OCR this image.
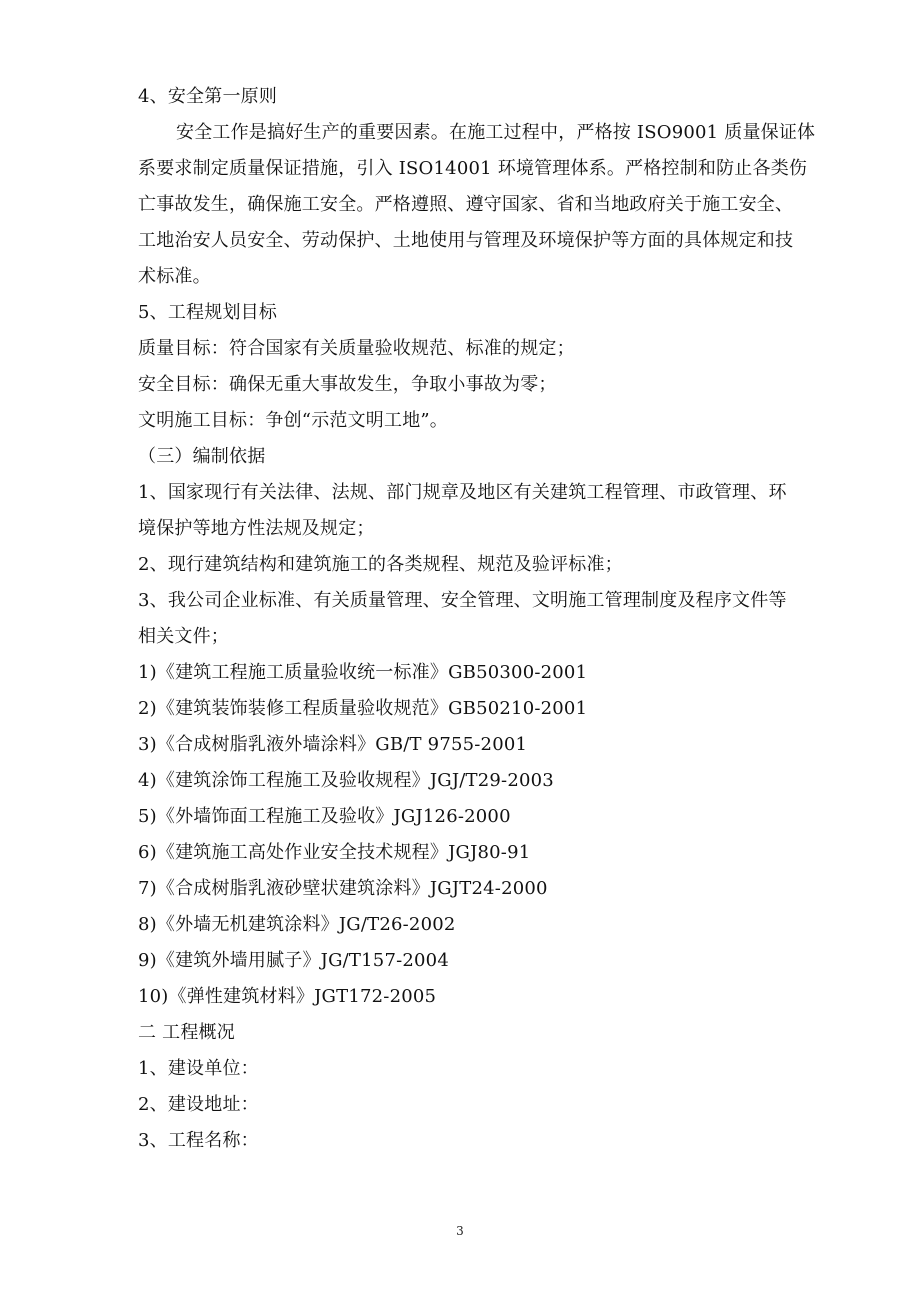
4、安全第一原则
安全工作是搞好生产的重要因素。在施工过程中，严格按 ISO9001 质量保证体
系要求制定质量保证措施，引入 ISO14001 环境管理体系。严格控制和防止各类伤
亡事故发生，确保施工安全。严格遵照、遵守国家、省和当地政府关于施工安全、
工地治安人员安全、劳动保护、土地使用与管理及环境保护等方面的具体规定和技
术标准。
5、工程规划目标
质量目标：符合国家有关质量验收规范、标准的规定；
安全目标：确保无重大事故发生，争取小事故为零；
文明施工目标：争创“示范文明工地”。
（三）编制依据
1、国家现行有关法律、法规、部门规章及地区有关建筑工程管理、市政管理、环
境保护等地方性法规及规定；
2、现行建筑结构和建筑施工的各类规程、规范及验评标准；
3、我公司企业标准、有关质量管理、安全管理、文明施工管理制度及程序文件等
相关文件；
1)《建筑工程施工质量验收统一标准》GB50300-2001
2)《建筑装饰装修工程质量验收规范》GB50210-2001
3)《合成树脂乳液外墙涂料》GB/T 9755-2001
4)《建筑涂饰工程施工及验收规程》JGJ/T29-2003
5)《外墙饰面工程施工及验收》JGJ126-2000
6)《建筑施工高处作业安全技术规程》JGJ80-91
7)《合成树脂乳液砂壁状建筑涂料》JGJT24-2000
8)《外墙无机建筑涂料》JG/T26-2002
9)《建筑外墙用腻子》JG/T157-2004
10)《弹性建筑材料》JGT172-2005
二 工程概况
1、建设单位：
2、建设地址：
3、工程名称：
3
